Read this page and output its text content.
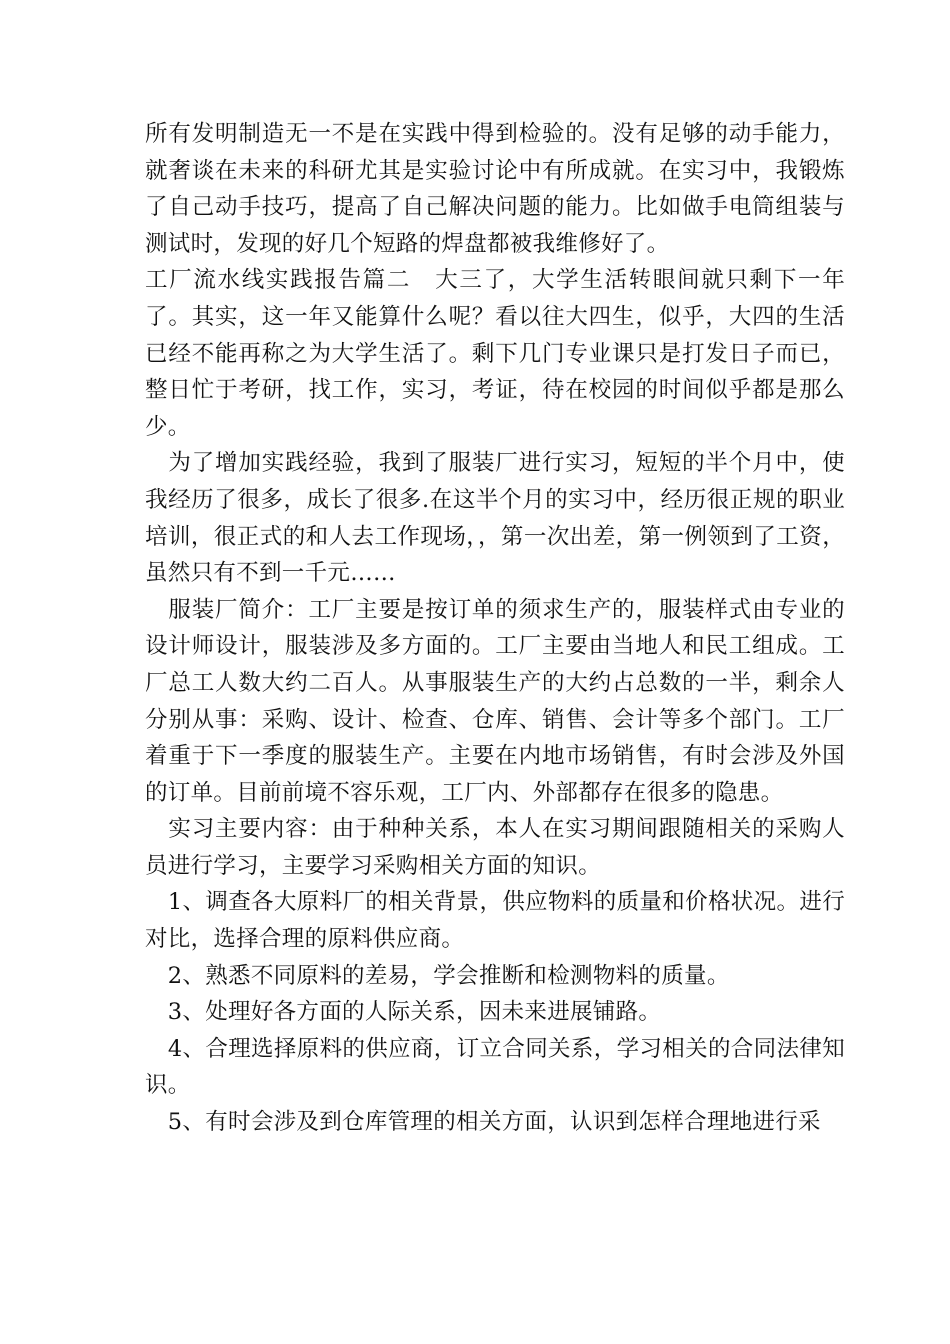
所有发明制造无一不是在实践中得到检验的。没有足够的动手能力，就奢谈在未来的科研尤其是实验讨论中有所成就。在实习中，我锻炼了自己动手技巧，提高了自己解决问题的能力。比如做手电筒组装与测试时，发现的好几个短路的焊盘都被我维修好了。

工厂流水线实践报告篇二　大三了，大学生活转眼间就只剩下一年了。其实，这一年又能算什么呢？看以往大四生，似乎，大四的生活已经不能再称之为大学生活了。剩下几门专业课只是打发日子而已，整日忙于考研，找工作，实习，考证，待在校园的时间似乎都是那么少。

　为了增加实践经验，我到了服装厂进行实习，短短的半个月中，使我经历了很多，成长了很多.在这半个月的实习中，经历很正规的职业培训，很正式的和人去工作现场，，第一次出差，第一例领到了工资，虽然只有不到一千元……

　服装厂简介：工厂主要是按订单的须求生产的，服装样式由专业的设计师设计，服装涉及多方面的。工厂主要由当地人和民工组成。工厂总工人数大约二百人。从事服装生产的大约占总数的一半，剩余人分别从事：采购、设计、检查、仓库、销售、会计等多个部门。工厂着重于下一季度的服装生产。主要在内地市场销售，有时会涉及外国的订单。目前前境不容乐观，工厂内、外部都存在很多的隐患。

　实习主要内容：由于种种关系，本人在实习期间跟随相关的采购人员进行学习，主要学习采购相关方面的知识。

　1、调查各大原料厂的相关背景，供应物料的质量和价格状况。进行对比，选择合理的原料供应商。

　2、熟悉不同原料的差易，学会推断和检测物料的质量。

　3、处理好各方面的人际关系，因未来进展铺路。

　4、合理选择原料的供应商，订立合同关系，学习相关的合同法律知识。

　5、有时会涉及到仓库管理的相关方面，认识到怎样合理地进行采
